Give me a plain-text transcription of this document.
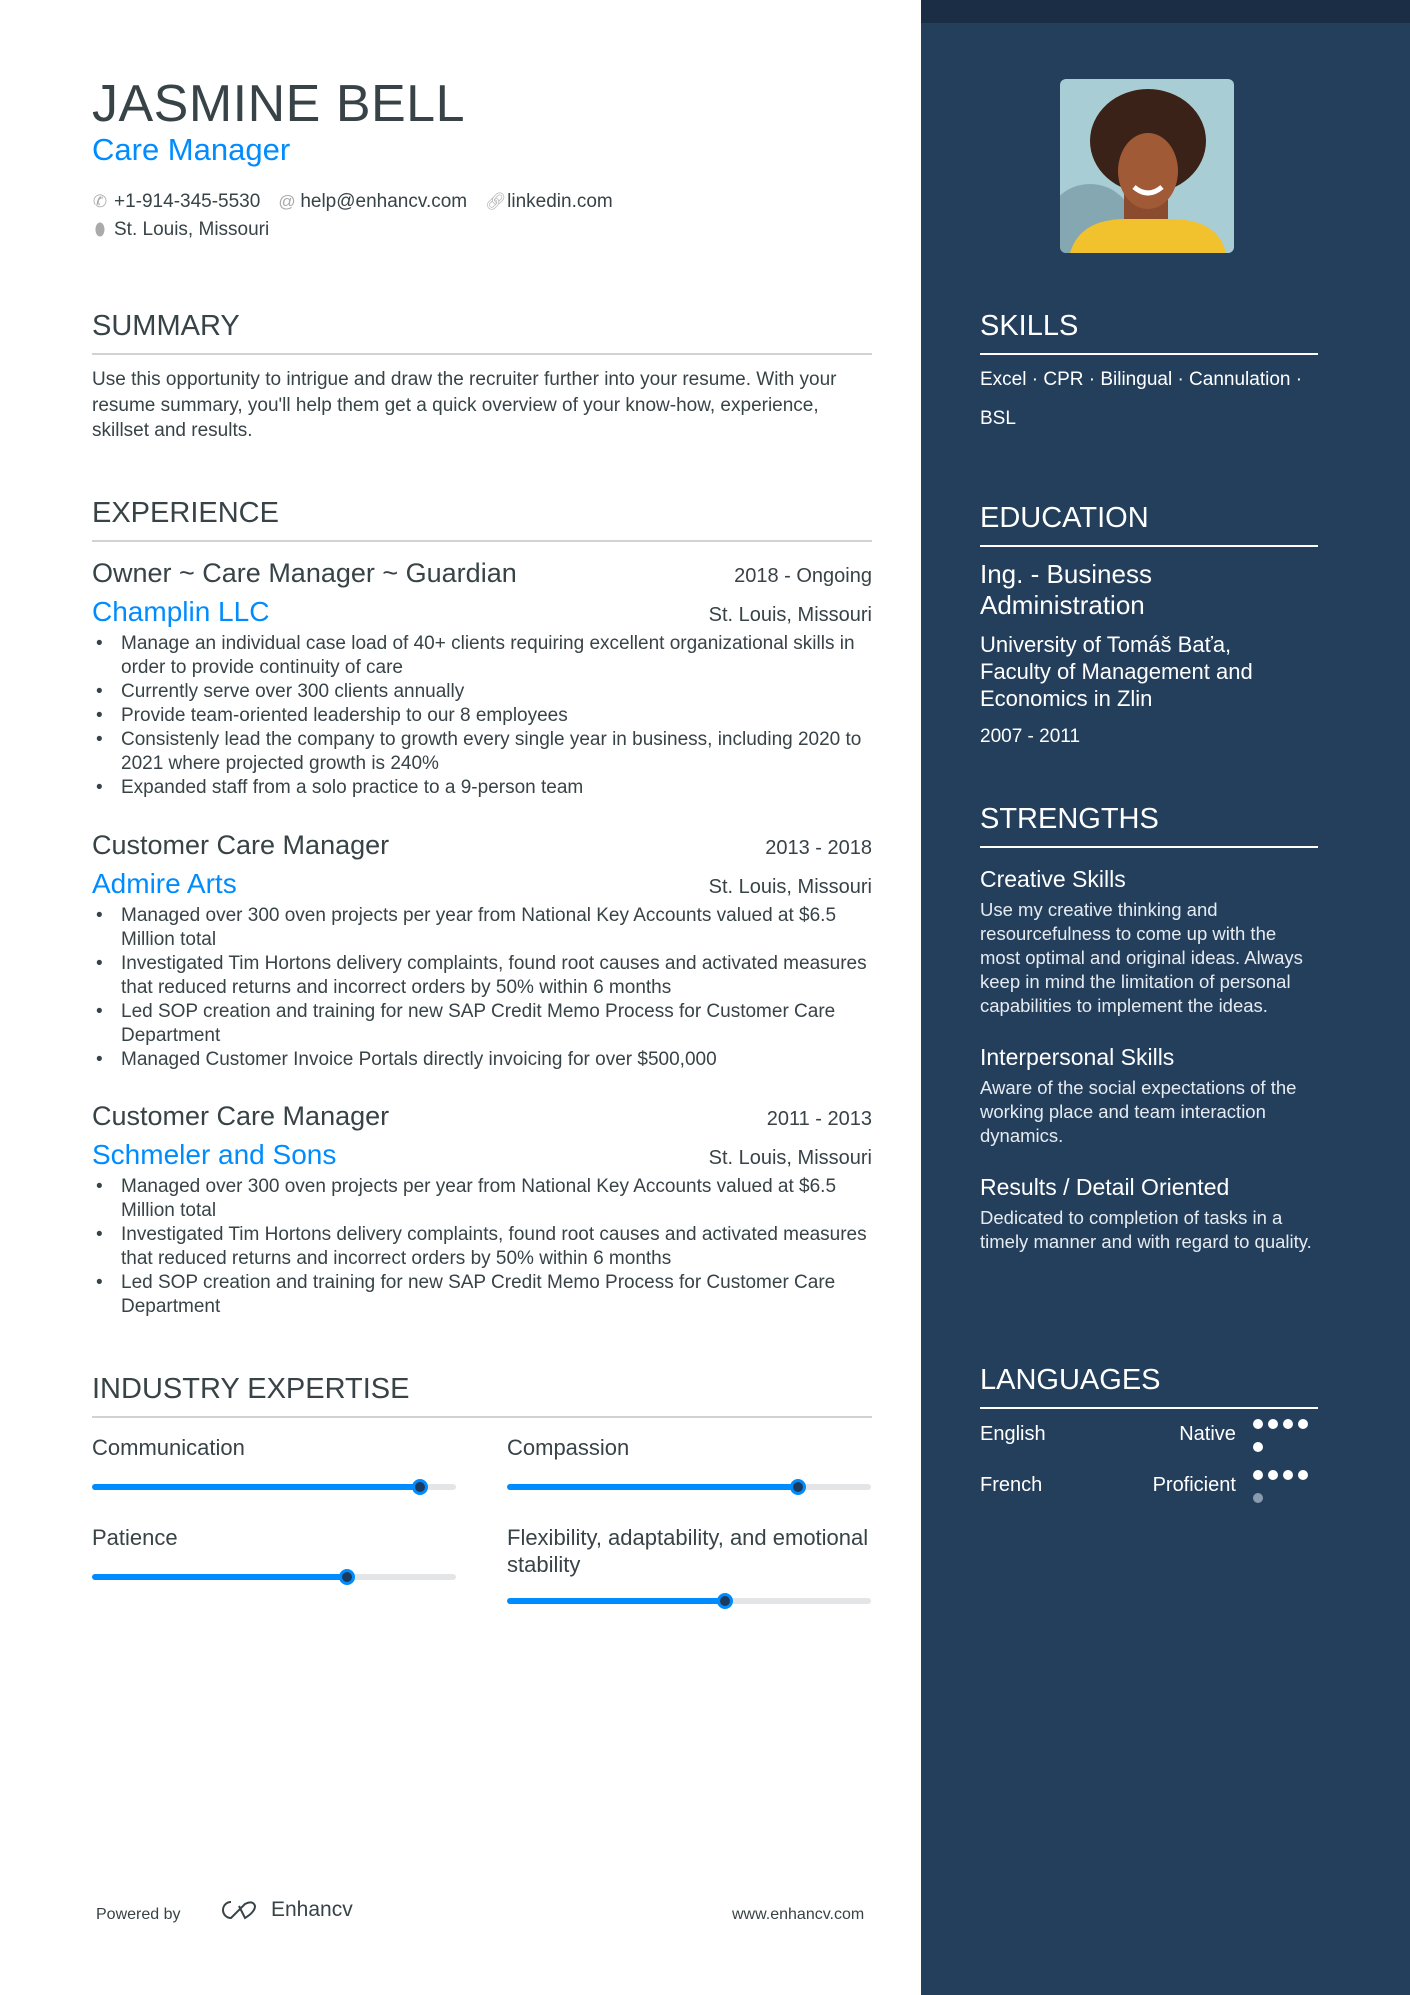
JASMINE BELL
Care Manager
✆ +1-914-345-5530 @ help@enhancv.com 🔗︎ linkedin.com
⬮ St. Louis, Missouri
SUMMARY
Use this opportunity to intrigue and draw the recruiter further into your resume. With your resume summary, you'll help them get a quick overview of your know-how, experience, skillset and results.
EXPERIENCE
Owner ~ Care Manager ~ Guardian	2018 - Ongoing
Champlin LLC	St. Louis, Missouri
• Manage an individual case load of 40+ clients requiring excellent organizational skills in order to provide continuity of care
• Currently serve over 300 clients annually
• Provide team-oriented leadership to our 8 employees
• Consistenly lead the company to growth every single year in business, including 2020 to 2021 where projected growth is 240%
• Expanded staff from a solo practice to a 9-person team
Customer Care Manager	2013 - 2018
Admire Arts	St. Louis, Missouri
• Managed over 300 oven projects per year from National Key Accounts valued at $6.5 Million total
• Investigated Tim Hortons delivery complaints, found root causes and activated measures that reduced returns and incorrect orders by 50% within 6 months
• Led SOP creation and training for new SAP Credit Memo Process for Customer Care Department
• Managed Customer Invoice Portals directly invoicing for over $500,000
Customer Care Manager	2011 - 2013
Schmeler and Sons	St. Louis, Missouri
• Managed over 300 oven projects per year from National Key Accounts valued at $6.5 Million total
• Investigated Tim Hortons delivery complaints, found root causes and activated measures that reduced returns and incorrect orders by 50% within 6 months
• Led SOP creation and training for new SAP Credit Memo Process for Customer Care Department
INDUSTRY EXPERTISE
Communication	Compassion
Patience	Flexibility, adaptability, and emotional stability
SKILLS
Excel · CPR · Bilingual · Cannulation ·
BSL
EDUCATION
Ing. - Business Administration
University of Tomáš Baťa, Faculty of Management and Economics in Zlin
2007 - 2011
STRENGTHS
Creative Skills
Use my creative thinking and resourcefulness to come up with the most optimal and original ideas. Always keep in mind the limitation of personal capabilities to implement the ideas.
Interpersonal Skills
Aware of the social expectations of the working place and team interaction dynamics.
Results / Detail Oriented
Dedicated to completion of tasks in a timely manner and with regard to quality.
LANGUAGES
English	Native
French	Proficient
Powered by	Enhancv	www.enhancv.com
